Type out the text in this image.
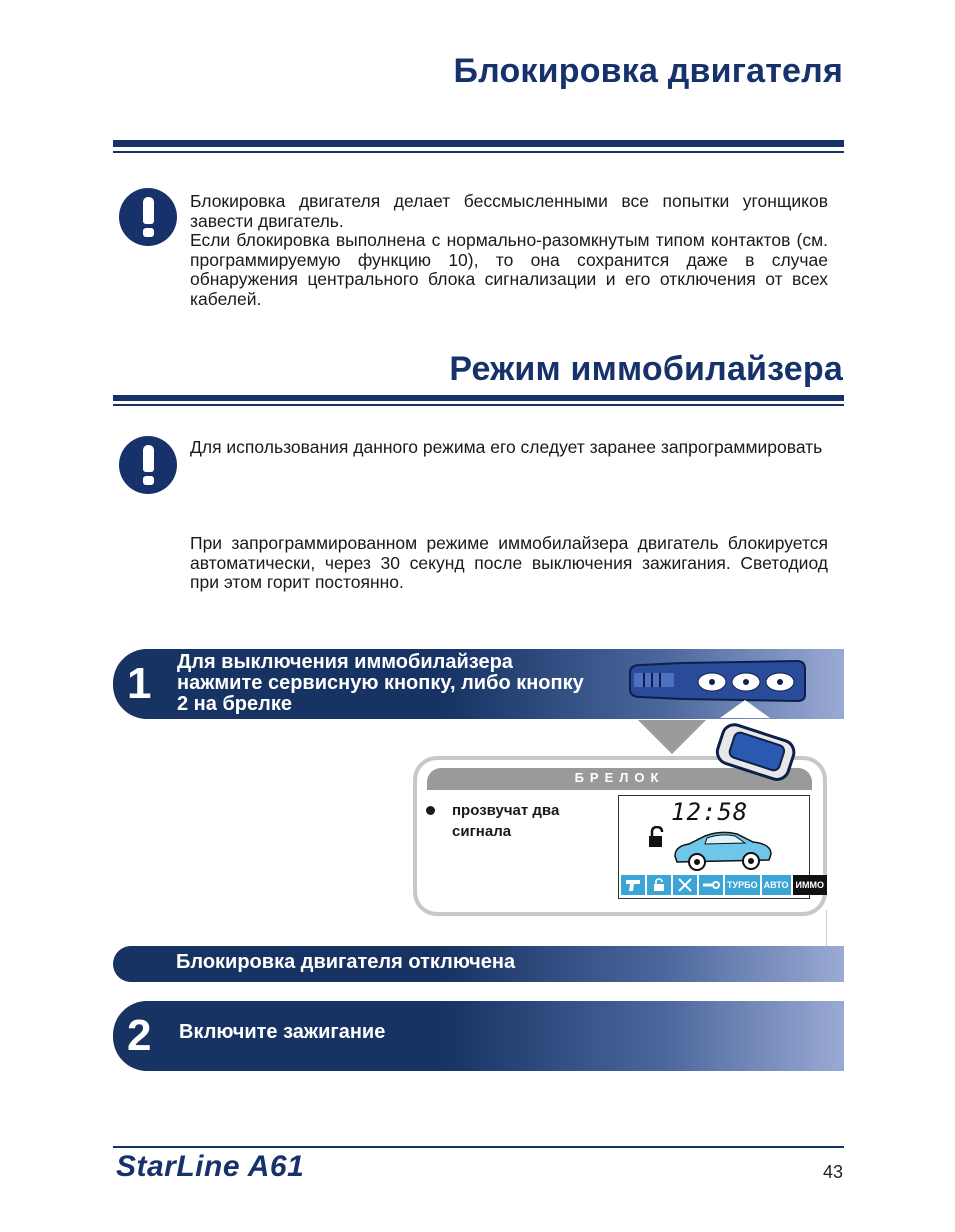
Блокировка двигателя

Блокировка двигателя делает бессмысленными все попытки угонщиков завести двигатель.

Если блокировка выполнена с нормально-разомкнутым типом контактов (см. программируемую функцию 10), то она сохранится даже в случае обнаружения центрального блока сигнализации и его отключения от всех кабелей.

Режим иммобилайзера
Для использования данного режима его следует заранее запрограммировать
При запрограммированном режиме иммобилайзера двигатель блокируется автоматически, через 30 секунд после выключения зажигания. Светодиод при этом горит постоянно.
1 Для выключения иммобилайзера нажмите сервисную кнопку, либо кнопку 2 на брелке
БРЕЛОК
прозвучат два сигнала
12:58
ТУРБО АВТО ИММО
Блокировка двигателя отключена
2 Включите зажигание
StarLine A61	43
